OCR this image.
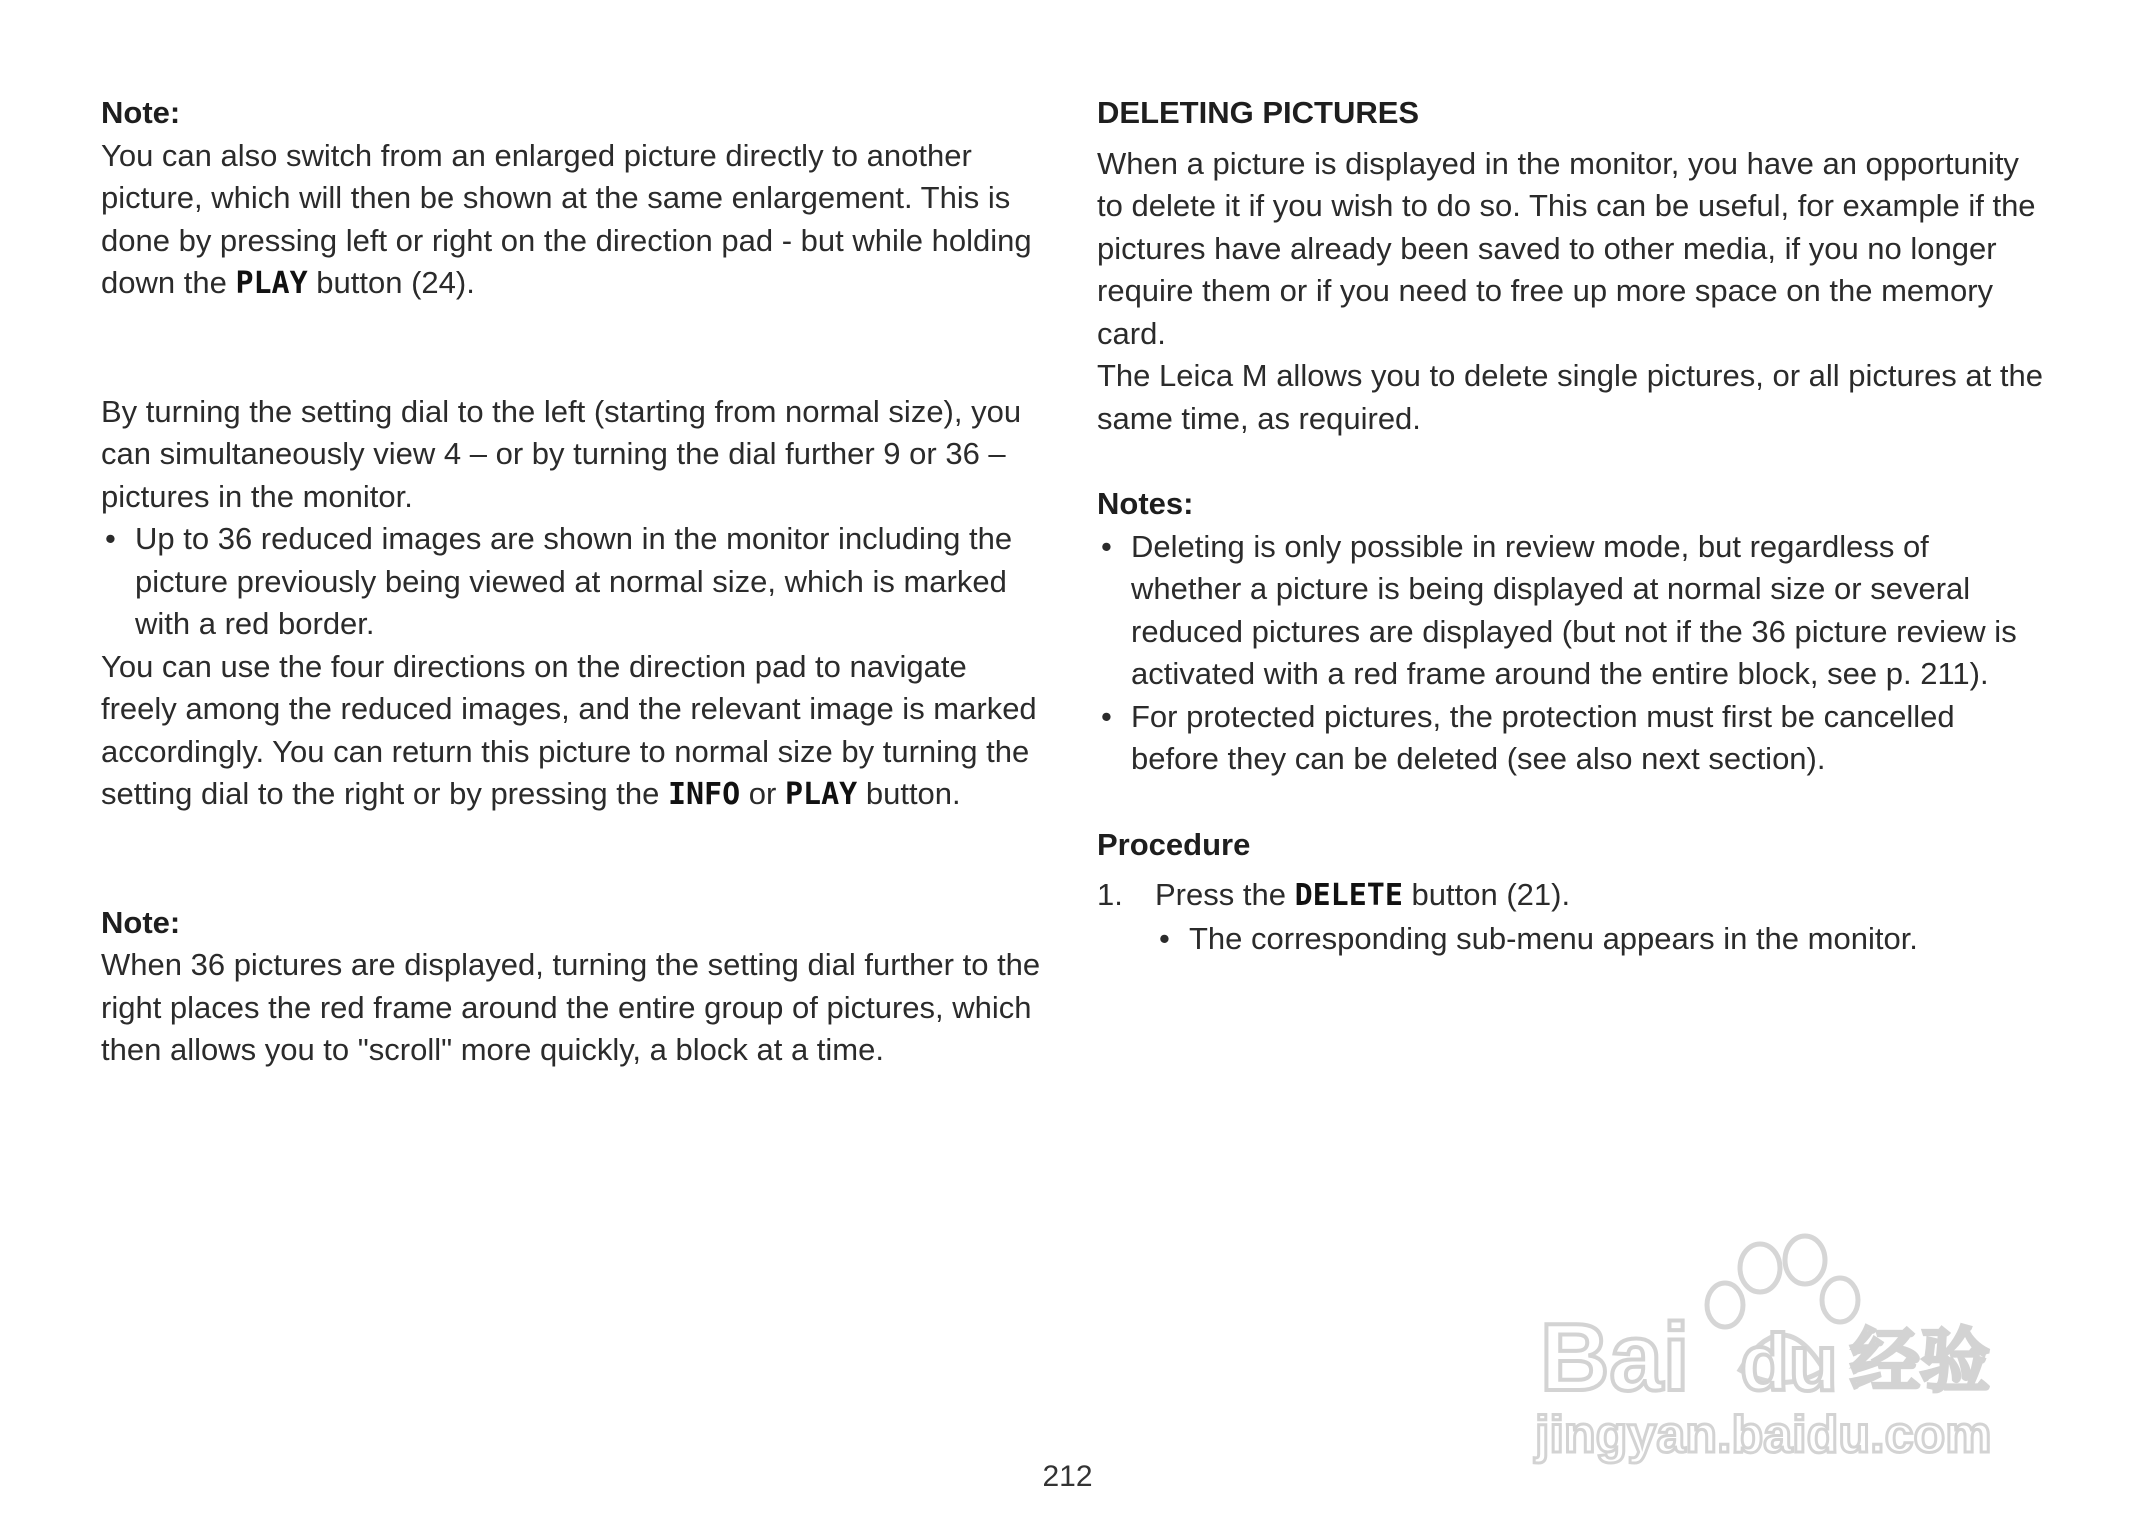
Note:

You can also switch from an enlarged picture directly to another picture, which will then be shown at the same enlargement. This is done by pressing left or right on the direction pad - but while holding down the PLAY button (24).

By turning the setting dial to the left (starting from normal size), you can simultaneously view 4 – or by turning the dial further 9 or 36 – pictures in the monitor.

• Up to 36 reduced images are shown in the monitor including the picture previously being viewed at normal size, which is marked with a red border.

You can use the four directions on the direction pad to navigate freely among the reduced images, and the relevant image is marked accordingly. You can return this picture to normal size by turning the setting dial to the right or by pressing the INFO or PLAY button.

Note:

When 36 pictures are displayed, turning the setting dial further to the right places the red frame around the entire group of pictures, which then allows you to "scroll" more quickly, a block at a time.

DELETING PICTURES

When a picture is displayed in the monitor, you have an opportunity to delete it if you wish to do so. This can be useful, for example if the pictures have already been saved to other media, if you no longer require them or if you need to free up more space on the memory card.

The Leica M allows you to delete single pictures, or all pictures at the same time, as required.

Notes:

• Deleting is only possible in review mode, but regardless of whether a picture is being displayed at normal size or several reduced pictures are displayed (but not if the 36 picture review is activated with a red frame around the entire block, see p. 211).
• For protected pictures, the protection must first be cancelled before they can be deleted (see also next section).

Procedure

1. Press the DELETE button (21).
• The corresponding sub-menu appears in the monitor.
212
Bai du 经验
jingyan.baidu.com
